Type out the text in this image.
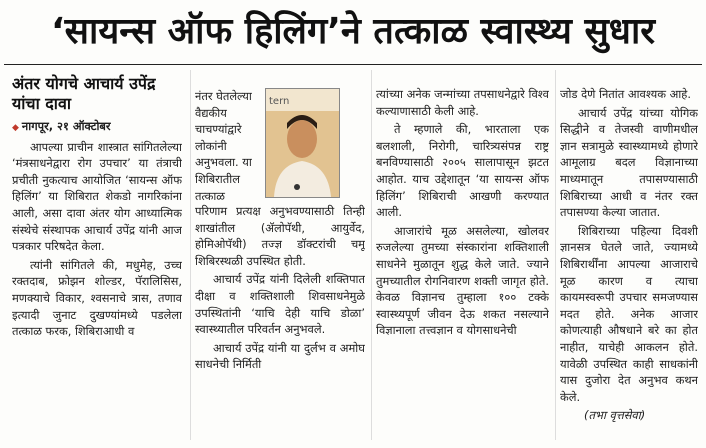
‘सायन्स ऑफ हिलिंग’ने तत्काळ स्वास्थ्य सुधार
अंतर योगचे आचार्य उपेंद्र यांचा दावा

◆ नागपूर, २१ ऑक्टोबर

आपल्या प्राचीन शास्त्रात सांगितलेल्या ‘मंत्रसाधनेद्वारा रोग उपचार’ या तंत्राची प्रचीती नुकत्याच आयोजित ‘सायन्स ऑफ हिलिंग’ या शिबिरात शेकडो नागरिकांना आली, असा दावा अंतर योग आध्यात्मिक संस्थेचे संस्थापक आचार्य उपेंद्र यांनी आज पत्रकार परिषदेत केला.

त्यांनी सांगितले की, मधुमेह, उच्च रक्तदाब, फ्रोझन शोल्डर, पॅरालिसिस, मणक्याचे विकार, श्वसनाचे त्रास, तणाव इत्यादी जुनाट दुखण्यांमध्ये पडलेला तत्काळ फरक, शिबिराआधी व

नंतर घेतलेल्या वैद्यकीय चाचण्यांद्वारे लोकांनी अनुभवला. या शिबिरातील तत्काळ

tern

परिणाम प्रत्यक्ष अनुभवण्यासाठी तिन्ही शाखांतील (ॲलोपॅथी, आयुर्वेद, होमिओपॅथी) तज्ज्ञ डॉक्टरांची चमू शिबिरस्थळी उपस्थित होती.

आचार्य उपेंद्र यांनी दिलेली शक्तिपात दीक्षा व शक्तिशाली शिवसाधनेमुळे उपस्थितांनी ‘याचि देही याचि डोळा’ स्वास्थ्यातील परिवर्तन अनुभवले.

आचार्य उपेंद्र यांनी या दुर्लभ व अमोघ साधनेची निर्मिती

त्यांच्या अनेक जन्मांच्या तपसाधनेद्वारे विश्व कल्याणासाठी केली आहे.

ते म्हणाले की, भारताला एक बलशाली, निरोगी, चारित्र्यसंपन्न राष्ट्र बनविण्यासाठी २००५ सालापासून झटत आहोत. याच उद्देशातून ‘या सायन्स ऑफ हिलिंग’ शिबिराची आखणी करण्यात आली.

आजारांचे मूळ असलेल्या, खोलवर रुजलेल्या तुमच्या संस्कारांना शक्तिशाली साधनेने मुळातून शुद्ध केले जाते. ज्याने तुमच्यातील रोगनिवारण शक्ती जागृत होते. केवळ विज्ञानच तुम्हाला १०० टक्के स्वास्थ्यपूर्ण जीवन देऊ शकत नसल्याने विज्ञानाला तत्त्वज्ञान व योगसाधनेची

जोड देणे नितांत आवश्यक आहे.

आचार्य उपेंद्र यांच्या योगिक सिद्धीने व तेजस्वी वाणीमधील ज्ञान सत्रामुळे स्वास्थ्यामध्ये होणारे आमूलाग्र बदल विज्ञानाच्या माध्यमातून तपासण्यासाठी शिबिराच्या आधी व नंतर रक्त तपासण्या केल्या जातात.

शिबिराच्या पहिल्या दिवशी ज्ञानसत्र घेतले जाते, ज्यामध्ये शिबिरार्थींना आपल्या आजाराचे मूळ कारण व त्याचा कायमस्वरूपी उपचार समजण्यास मदत होते. अनेक आजार कोणत्याही औषधाने बरे का होत नाहीत, याचेही आकलन होते. यावेळी उपस्थित काही साधकांनी यास दुजोरा देत अनुभव कथन केले.

(तभा वृत्तसेवा)
